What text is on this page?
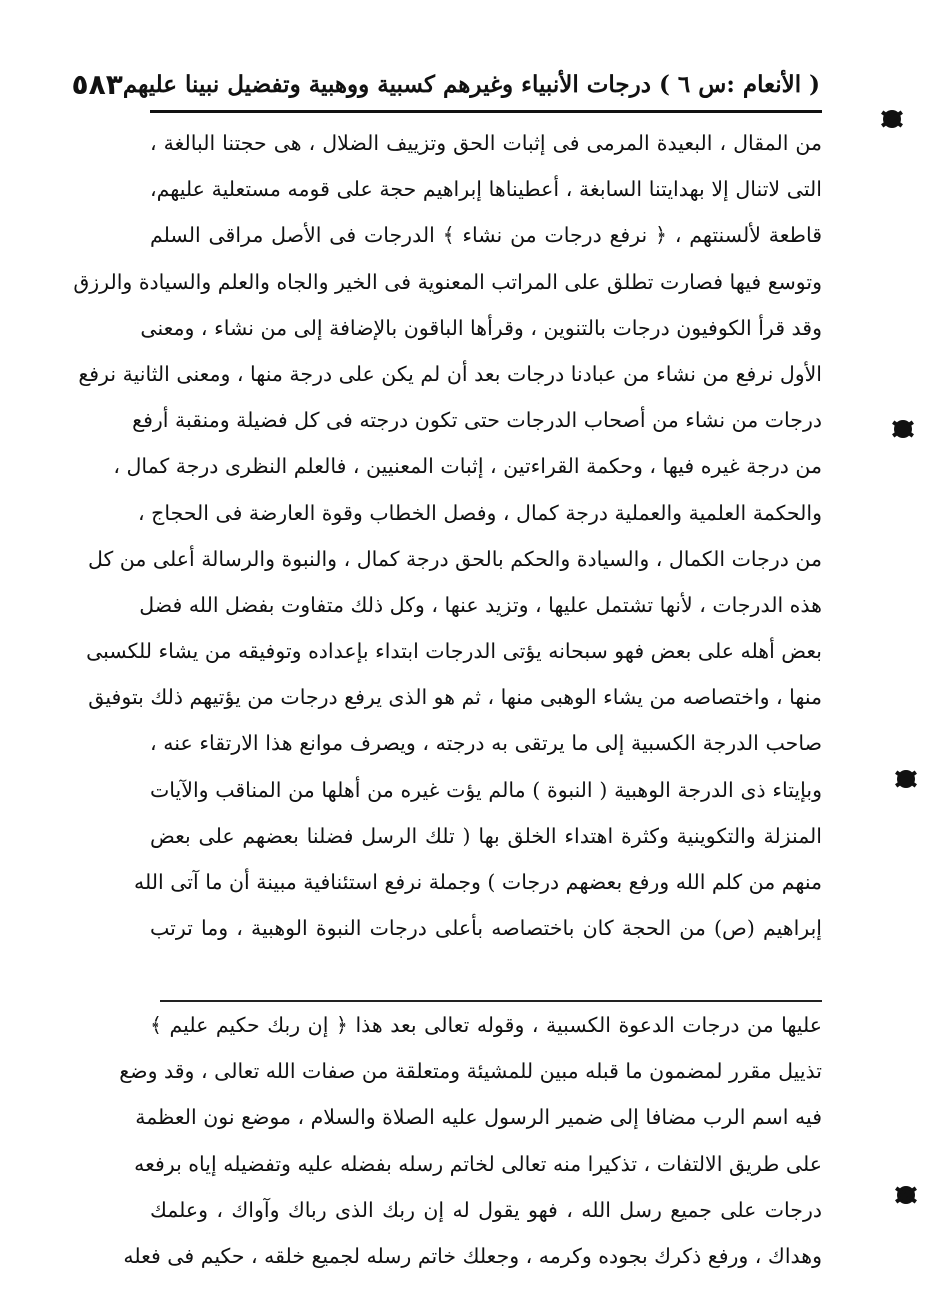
( الأنعام :س ٦ ) درجات الأنبياء وغيرهم كسبية ووهبية وتفضيل نبينا عليهم
٥٨٣
من المقال ، البعيدة المرمى فى إثبات الحق وتزييف الضلال ، هى حجتنا البالغة ،
التى لاتنال إلا بهدايتنا السابغة ، أعطيناها إبراهيم حجة على قومه مستعلية عليهم،
قاطعة لألسنتهم ، ﴿ نرفع درجات من نشاء ﴾ الدرجات فى الأصل مراقى السلم
وتوسع فيها فصارت تطلق على المراتب المعنوية فى الخير والجاه والعلم والسيادة والرزق
وقد قرأ الكوفيون درجات بالتنوين ، وقرأها الباقون بالإضافة إلى من نشاء ، ومعنى
الأول نرفع من نشاء من عبادنا درجات بعد أن لم يكن على درجة منها ، ومعنى الثانية نرفع
درجات من نشاء من أصحاب الدرجات حتى تكون درجته فى كل فضيلة ومنقبة أرفع
من درجة غيره فيها ، وحكمة القراءتين ، إثبات المعنيين ، فالعلم النظرى درجة كمال ،
والحكمة العلمية والعملية درجة كمال ، وفصل الخطاب وقوة العارضة فى الحجاج ،
من درجات الكمال ، والسيادة والحكم بالحق درجة كمال ، والنبوة والرسالة أعلى من كل
هذه الدرجات ، لأنها تشتمل عليها ، وتزيد عنها ، وكل ذلك متفاوت بفضل الله فضل
بعض أهله على بعض فهو سبحانه يؤتى الدرجات ابتداء بإعداده وتوفيقه من يشاء للكسبى
منها ، واختصاصه من يشاء الوهبى منها ، ثم هو الذى يرفع درجات من يؤتيهم ذلك بتوفيق
صاحب الدرجة الكسبية إلى ما يرتقى به درجته ، ويصرف موانع هذا الارتقاء عنه ،
وبإيتاء ذى الدرجة الوهبية ( النبوة ) مالم يؤت غيره من أهلها من المناقب والآيات
المنزلة والتكوينية وكثرة اهتداء الخلق بها ( تلك الرسل فضلنا بعضهم على بعض
منهم من كلم الله ورفع بعضهم درجات ) وجملة نرفع استئنافية مبينة أن ما آتى الله
إبراهيم (ص) من الحجة كان باختصاصه بأعلى درجات النبوة الوهبية ، وما ترتب
عليها من درجات الدعوة الكسبية ، وقوله تعالى بعد هذا ﴿ إن ربك حكيم عليم ﴾
تذييل مقرر لمضمون ما قبله مبين للمشيئة ومتعلقة من صفات الله تعالى ، وقد وضع
فيه اسم الرب مضافا إلى ضمير الرسول عليه الصلاة والسلام ، موضع نون العظمة
على طريق الالتفات ، تذكيرا منه تعالى لخاتم رسله بفضله عليه وتفضيله إياه برفعه
درجات على جميع رسل الله ، فهو يقول له إن ربك الذى رباك وآواك ، وعلمك
وهداك ، ورفع ذكرك بجوده وكرمه ، وجعلك خاتم رسله لجميع خلقه ، حكيم فى فعله
